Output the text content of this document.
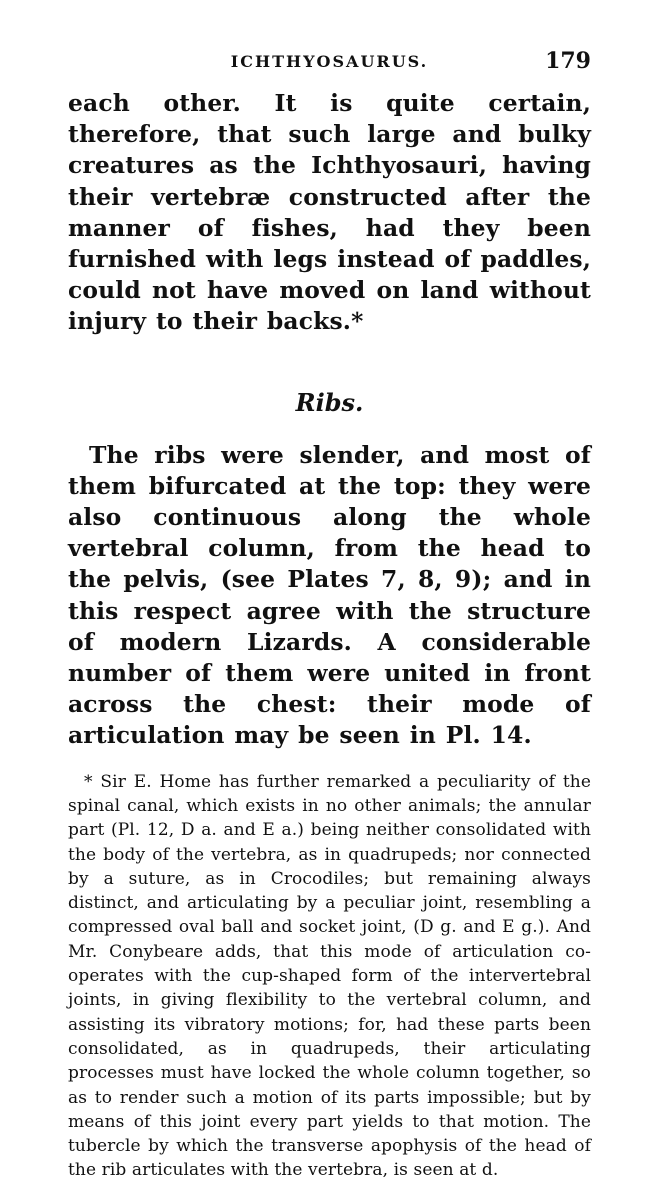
ICHTHYOSAURUS.	179

each other. It is quite certain, therefore, that such large and bulky creatures as the Ichthyosauri, having their vertebræ constructed after the manner of fishes, had they been furnished with legs instead of paddles, could not have moved on land without injury to their backs.*

Ribs.

The ribs were slender, and most of them bifurcated at the top: they were also continuous along the whole vertebral column, from the head to the pelvis, (see Plates 7, 8, 9); and in this respect agree with the structure of modern Lizards. A considerable number of them were united in front across the chest: their mode of articulation may be seen in Pl. 14.

* Sir E. Home has further remarked a peculiarity of the spinal canal, which exists in no other animals; the annular part (Pl. 12, D a. and E a.) being neither consolidated with the body of the vertebra, as in quadrupeds; nor connected by a suture, as in Crocodiles; but remaining always distinct, and articulating by a peculiar joint, resembling a compressed oval ball and socket joint, (D g. and E g.). And Mr. Conybeare adds, that this mode of articulation co-operates with the cup-shaped form of the intervertebral joints, in giving flexibility to the vertebral column, and assisting its vibratory motions; for, had these parts been consolidated, as in quadrupeds, their articulating processes must have locked the whole column together, so as to render such a motion of its parts impossible; but by means of this joint every part yields to that motion. The tubercle by which the transverse apophysis of the head of the rib articulates with the vertebra, is seen at d.
